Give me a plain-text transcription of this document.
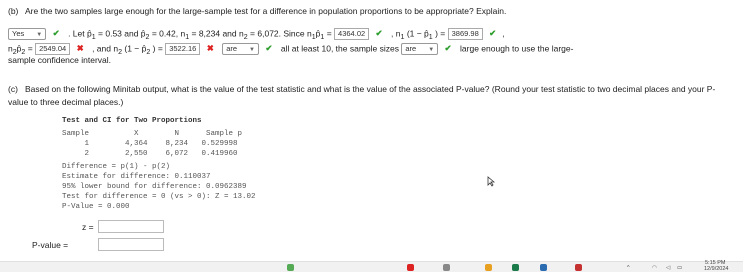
(b) Are the two samples large enough for the large-sample test for a difference in population proportions to be appropriate? Explain.
Yes ▼ ✔ . Let $p̂_1 = 0.53$ and $p̂_2 = 0.42$, $n_1 = 8,234$ and $n_2 = 6,072$. Since $n_1p̂_1 = 4364.02$ ✔ , $n_1$ ($1 - p̂_1$ ) = 3869.98 ✔ ,
$n_2p̂_2 = 2549.04$ ✖ , and $n_2$ ($1 - p̂_2$ ) = 3522.16 ✖ are ▼ ✔ all at least 10, the sample sizes are ▼ ✔ large enough to use the large-
sample confidence interval.
(c) Based on the following Minitab output, what is the value of the test statistic and what is the value of the associated P-value? (Round your test statistic to two decimal places and your P-value to three decimal places.)
Test and CI for Two Proportions
Sample          X        N      Sample p
1        4,364    8,234   0.529998
2        2,550    6,072   0.419960
Difference = p(1) - p(2)
Estimate for difference: 0.110037
95% lower bound for difference: 0.0962389
Test for difference = 0 (vs > 0): Z = 13.02
P-Value = 0.000
z =
P-value =
^	◠ ◁ ▭
5:15 PM
12/9/2024
